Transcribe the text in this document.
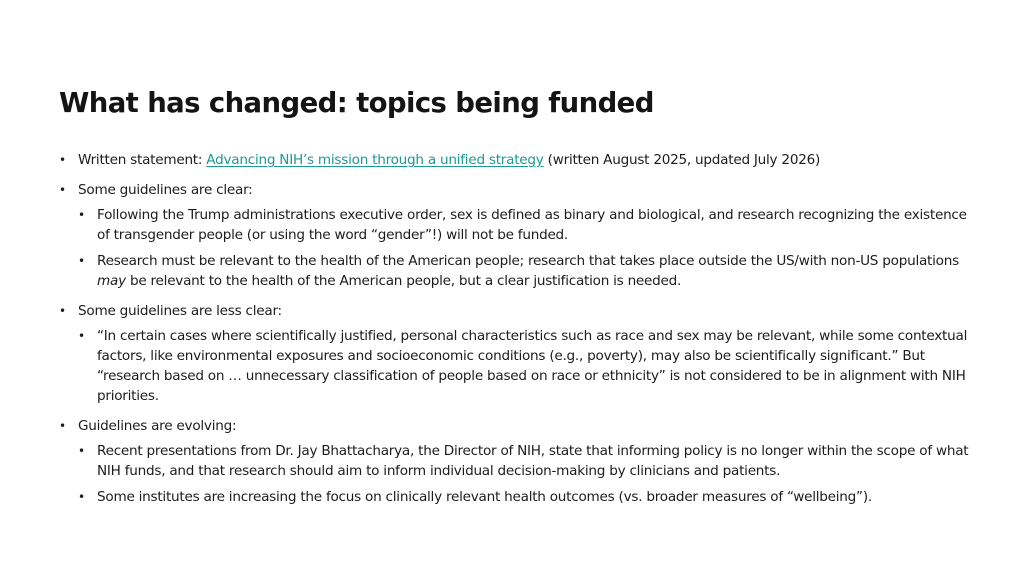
What has changed: topics being funded
• Written statement: Advancing NIH’s mission through a unified strategy (written August 2025, updated July 2026)
• Some guidelines are clear:
• Following the Trump administrations executive order, sex is defined as binary and biological, and research recognizing the existence of transgender people (or using the word “gender”!) will not be funded.
• Research must be relevant to the health of the American people; research that takes place outside the US/with non-US populations may be relevant to the health of the American people, but a clear justification is needed.
• Some guidelines are less clear:
• “In certain cases where scientifically justified, personal characteristics such as race and sex may be relevant, while some contextual factors, like environmental exposures and socioeconomic conditions (e.g., poverty), may also be scientifically significant.” But “research based on … unnecessary classification of people based on race or ethnicity” is not considered to be in alignment with NIH priorities.
• Guidelines are evolving:
• Recent presentations from Dr. Jay Bhattacharya, the Director of NIH, state that informing policy is no longer within the scope of what NIH funds, and that research should aim to inform individual decision-making by clinicians and patients.
• Some institutes are increasing the focus on clinically relevant health outcomes (vs. broader measures of “wellbeing”).
